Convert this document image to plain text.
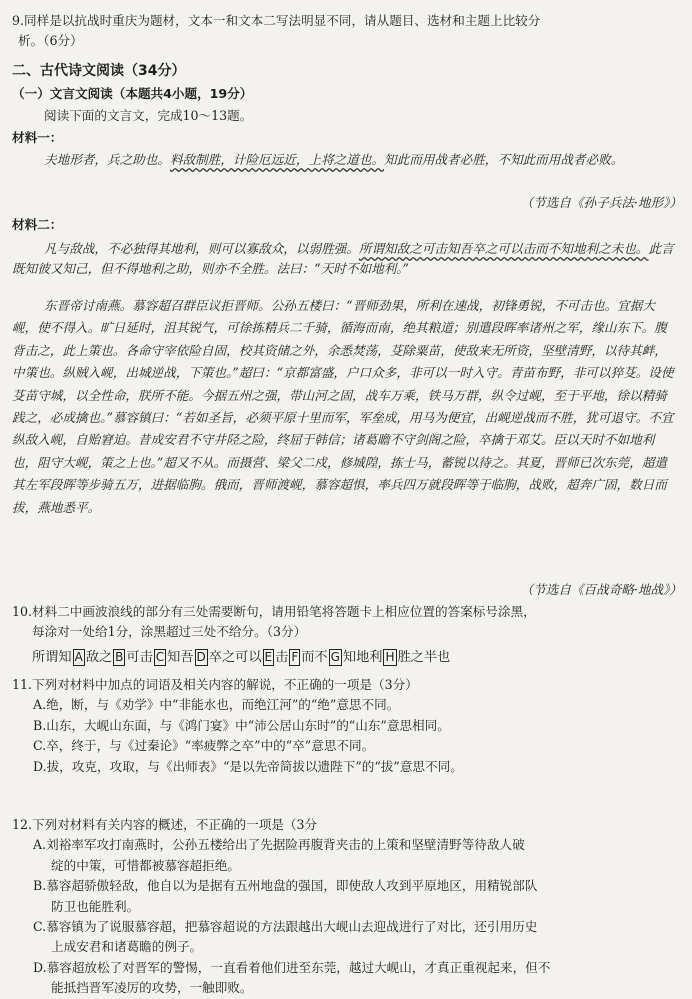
9.同样是以抗战时重庆为题材，文本一和文本二写法明显不同，请从题目、选材和主题上比较分
析。（6分）
二、古代诗文阅读（34分）
（一）文言文阅读（本题共4小题，19分）
阅读下面的文言文，完成10～13题。
材料一：
夫地形者，兵之助也。料敌制胜，计险厄远近，上将之道也。知此而用战者必胜，不知此而用战者必败。
（节选自《孙子兵法·地形》）
材料二：
凡与敌战，不必独得其地利，则可以寡敌众，以弱胜强。所谓知敌之可击知吾卒之可以击而不知地利之未也。此言既知彼又知己，但不得地利之助，则亦不全胜。法曰：“天时不如地利。”
东晋帝讨南燕。慕容超召群臣议拒晋师。公孙五楼曰：“晋师劲果，所利在速战，初锋勇锐，不可击也。宜据大岘，使不得入。旷日延时，沮其锐气，可徐拣精兵二千骑，循海而南，绝其粮道；别遣段晖率诸州之军，缘山东下。腹背击之，此上策也。各命守宰依险自固，校其资储之外，余悉焚荡，芟除粟苗，使敌来无所资，坚壁清野，以待其衅，中策也。纵贼入岘，出城逆战，下策也。”超曰：“京都富盛，户口众多，非可以一时入守。青苗布野，非可以猝芟。设使芟苗守城，以全性命，朕所不能。今据五州之强，带山河之固，战车万乘，铁马万群，纵令过岘，至于平地，徐以精骑践之，必成擒也。”慕容镇曰：“若如圣旨，必须平原十里而军，军垒成，用马为便宜，出岘逆战而不胜，犹可退守。不宜纵敌入岘，自贻窘迫。昔成安君不守井陉之险，终屈于韩信；诸葛瞻不守剑阁之险，卒擒于邓艾。臣以天时不如地利也，阻守大岘，策之上也。”超又不从。而摄营、梁父二戍，修城隍，拣士马，蓄锐以待之。其夏，晋师已次东莞，超遣其左军段晖等步骑五万，进据临朐。俄而，晋师渡岘，慕容超惧，率兵四万就段晖等于临朐，战败，超奔广固，数日而拔，燕地悉平。
（节选自《百战奇略·地战》）
10.材料二中画波浪线的部分有三处需要断句，请用铅笔将答题卡上相应位置的答案标号涂黑，
每涂对一处给1分，涂黑超过三处不给分。（3分）
所谓知 A 敌之 B 可击 C 知吾 D 卒之可以 E 击 F 而不 G 知地利 H 胜之半也
11.下列对材料中加点的词语及相关内容的解说，不正确的一项是（3分）
A.绝，断，与《劝学》中“非能水也，而绝江河”的“绝”意思不同。
B.山东，大岘山东面，与《鸿门宴》中“沛公居山东时”的“山东”意思相同。
C.卒，终于，与《过秦论》“率疲弊之卒”中的“卒”意思不同。
D.拔，攻克，攻取，与《出师表》“是以先帝简拔以遗陛下”的“拔”意思不同。
12.下列对材料有关内容的概述，不正确的一项是（3分
A.刘裕率军攻打南燕时，公孙五楼给出了先据险再腹背夹击的上策和坚壁清野等待敌人破
绽的中策，可惜都被慕容超拒绝。
B.慕容超骄傲轻敌，他自以为是据有五州地盘的强国，即使敌人攻到平原地区，用精锐部队
防卫也能胜利。
C.慕容镇为了说服慕容超，把慕容超说的方法跟越出大岘山去迎战进行了对比，还引用历史
上成安君和诸葛瞻的例子。
D.慕容超放松了对晋军的警惕，一直看着他们进至东莞，越过大岘山，才真正重视起来，但不
能抵挡晋军凌厉的攻势，一触即败。
